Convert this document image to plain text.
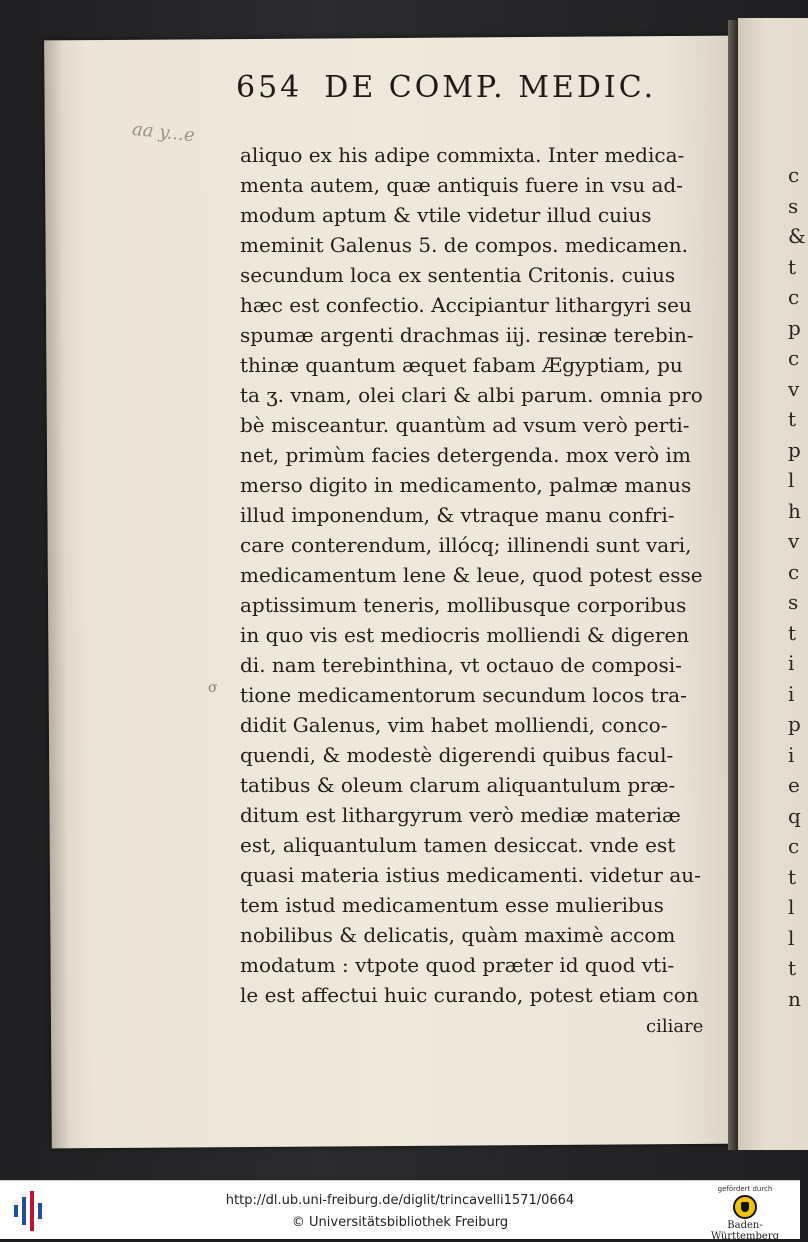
c
s
&
t
c
p
c
v
t
p
l
h
v
c
s
t
i
i
p
i
e
q
c
t
l
l
t
n
aa y...e
654 DE COMP. MEDIC.
σ
aliquo ex his adipe commixta. Inter medica-
menta autem, quæ antiquis fuere in vsu ad-
modum aptum & vtile videtur illud cuius
meminit Galenus 5. de compos. medicamen.
secundum loca ex sententia Critonis. cuius
hæc est confectio. Accipiantur lithargyri seu
spumæ argenti drachmas iij. resinæ terebin-
thinæ quantum æquet fabam Ægyptiam, pu
ta ʒ. vnam, olei clari & albi parum. omnia pro
bè misceantur. quantùm ad vsum verò perti-
net, primùm facies detergenda. mox verò im
merso digito in medicamento, palmæ manus
illud imponendum, & vtraque manu confri-
care conterendum, illócq; illinendi sunt vari,
medicamentum lene & leue, quod potest esse
aptissimum teneris, mollibusque corporibus
in quo vis est mediocris molliendi & digeren
di. nam terebinthina, vt octauo de composi-
tione medicamentorum secundum locos tra-
didit Galenus, vim habet molliendi, conco-
quendi, & modestè digerendi quibus facul-
tatibus & oleum clarum aliquantulum præ-
ditum est lithargyrum verò mediæ materiæ
est, aliquantulum tamen desiccat. vnde est
quasi materia istius medicamenti. videtur au-
tem istud medicamentum esse mulieribus
nobilibus & delicatis, quàm maximè accom
modatum : vtpote quod præter id quod vti-
le est affectui huic curando, potest etiam con
ciliare
http://dl.ub.uni-freiburg.de/diglit/trincavelli1571/0664
© Universitätsbibliothek Freiburg
gefördert durch
Baden-Württemberg
